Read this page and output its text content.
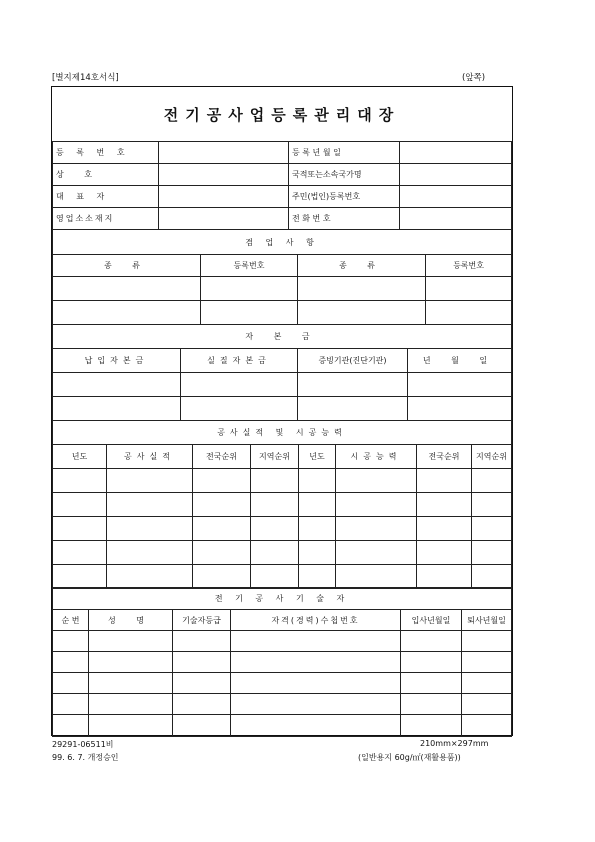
[별지제14호서식]	(앞쪽)
전기공사업등록관리대장
등 록 번 호		등 록 년 월 일	
상 호		국적또는소속국가명	
대 표 자		주민(법인)등록번호	
영업소소재지		전 화 번 호	
겸 업 사 항			
종 류	등록번호	종 류	등록번호

자 본 금			
납입자본금	실질자본금	증빙기관(진단기관)	년 월 일

공사실적 및 시공능력							
년도	공사실적	전국순위	지역순위	년도	시공능력	전국순위	지역순위

전 기 공 사 기 술 자					
순 번	성 명	기술자등급	자격(경력)수첩번호	입사년월일	퇴사년월일

29291-06511비
99. 6. 7. 개정승인
210mm×297mm
(일반용지 60g/㎡(재활용품))
